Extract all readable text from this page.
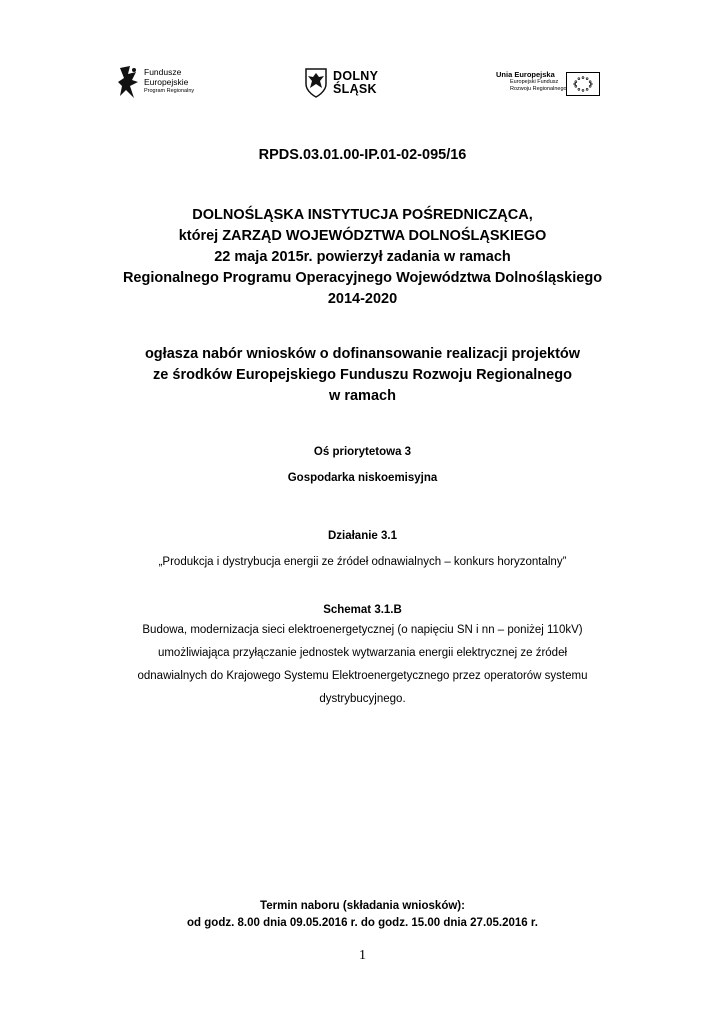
Fundusze
Europejskie
Program Regionalny
DOLNY
ŚLĄSK
Unia Europejska
Europejski Fundusz
Rozwoju Regionalnego
RPDS.03.01.00-IP.01-02-095/16
DOLNOŚLĄSKA INSTYTUCJA POŚREDNICZĄCA,
której ZARZĄD WOJEWÓDZTWA DOLNOŚLĄSKIEGO
22 maja 2015r. powierzył zadania w ramach
Regionalnego Programu Operacyjnego Województwa Dolnośląskiego
2014-2020
ogłasza nabór wniosków o dofinansowanie realizacji projektów
ze środków Europejskiego Funduszu Rozwoju Regionalnego
w ramach
Oś priorytetowa 3
Gospodarka niskoemisyjna
Działanie 3.1
„Produkcja i dystrybucja energii ze źródeł odnawialnych – konkurs horyzontalny”
Schemat 3.1.B
Budowa, modernizacja sieci elektroenergetycznej (o napięciu SN i nn – poniżej 110kV)
umożliwiająca przyłączanie jednostek wytwarzania energii elektrycznej ze źródeł
odnawialnych do Krajowego Systemu Elektroenergetycznego przez operatorów systemu
dystrybucyjnego.
Termin naboru (składania wniosków):
od godz. 8.00 dnia 09.05.2016 r. do godz. 15.00 dnia 27.05.2016 r.
1
